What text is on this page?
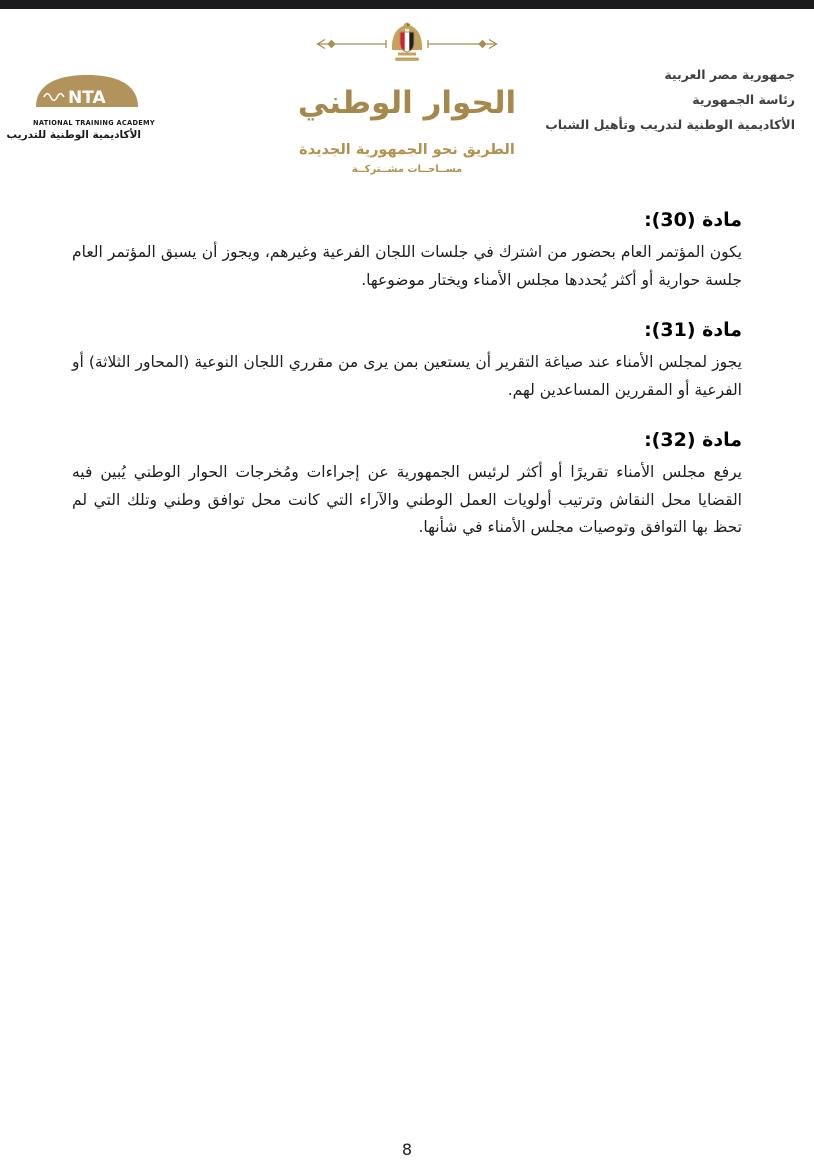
NTA
NATIONAL TRAINING ACADEMY
الأكاديمية الوطنية للتدريب
الحوار الوطني
الطريق نحو الجمهورية الجديدة
مســاحــات مشــتركــة
جمهورية مصر العربية
رئاسة الجمهورية
الأكاديمية الوطنية لتدريب وتأهيل الشباب
مادة (30):

يكون المؤتمر العام بحضور من اشترك في جلسات اللجان الفرعية وغيرهم، ويجوز أن يسبق المؤتمر العام جلسة حوارية أو أكثر يُحددها مجلس الأمناء ويختار موضوعها.

مادة (31):

يجوز لمجلس الأمناء عند صياغة التقرير أن يستعين بمن يرى من مقرري اللجان النوعية (المحاور الثلاثة) أو الفرعية أو المقررين المساعدين لهم.

مادة (32):

يرفع مجلس الأمناء تقريرًا أو أكثر لرئيس الجمهورية عن إجراءات ومُخرجات الحوار الوطني يُبين فيه القضايا محل النقاش وترتيب أولويات العمل الوطني والآراء التي كانت محل توافق وطني وتلك التي لم تحظ بها التوافق وتوصيات مجلس الأمناء في شأنها.

8
